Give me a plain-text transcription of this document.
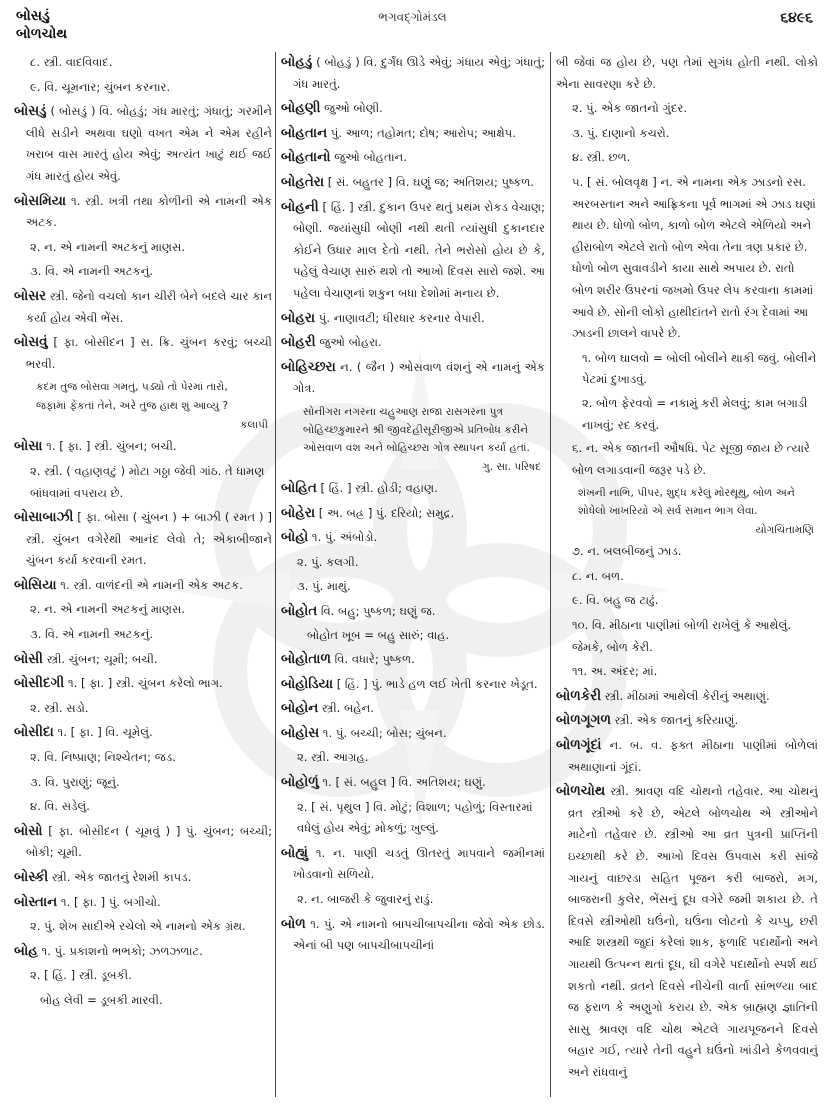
બોસડું
બોળચોથ
ભગવદ્ગોમંડલ	૬૪૯૬
૮. સ્ત્રી. વાદવિવાદ.
૯. વિ. ચૂમનાર; ચુંબન કરનાર.
બોસડું ( બોસડું ) વિ. બોહડું; ગંધ મારતું; ગંધાતું; ગરમીને લીધે સડીને અથવા ઘણો વખત એમ ને એમ રહીને ખરાબ વાસ મારતું હોય એવું; અત્યંત ખાટું થઈ જઈ ગંધ મારતું હોય એવું.
બોસમિયા ૧. સ્ત્રી. ખત્રી તથા કોળીની એ નામની એક અટક.
૨. ન. એ નામની અટકનું માણસ.
૩. વિ. એ નામની અટકનું.
બોસર સ્ત્રી. જેનો વચલો કાન ચીરી બેને બદલે ચાર કાન કર્યા હોય એવી ભેંસ.
બોસવું [ ફા. બોસીદન ] સ. ક્રિ. ચુંબન કરવું; બચ્ચી ભરવી.
કદમ તુજ બોસવા ગમતું, પડ્યો તો પેરમાં તારો,
જફામાં ફેંકતાં તેને, અરે તુજ હાથ શું આવ્યું ?
કલાપી
બોસા ૧. [ ફા. ] સ્ત્રી. ચુંબન; બચી.
૨. સ્ત્રી. ( વહાણવટું ) મોટા ગઠ્ઠા જેવી ગાંઠ. તે ધામણ બાંધવામાં વપરાય છે.
બોસાબાઝી [ ફા. બોસા ( ચુંબન ) + બાઝી ( રમત ) ] સ્ત્રી. ચુંબન વગેરેથી આનંદ લેવો તે; એકાબીજાને ચુંબન કર્યા કરવાની રમત.
બોસિયા ૧. સ્ત્રી. વાળંદની એ નામની એક અટક.
૨. ન. એ નામની અટકનું માણસ.
૩. વિ. એ નામની અટકનું.
બોસી સ્ત્રી. ચુંબન; ચૂમી; બચી.
બોસીદગી ૧. [ ફા. ] સ્ત્રી. ચુંબન કરેલો ભાગ.
૨. સ્ત્રી. સડો.
બોસીદા ૧. [ ફા. ] વિ. ચૂમેલું.
૨. વિ. નિષ્પ્રાણ; નિશ્ચેતન; જડ.
૩. વિ. પુરાણું; જૂનું.
૪. વિ. સડેલું.
બોસો [ ફા. બોસીદન ( ચૂમવું ) ] પું. ચુંબન; બચ્ચી; બોકી; ચૂમી.
બોસ્કી સ્ત્રી. એક જાતનું રેશમી કાપડ.
બોસ્તાન ૧. [ ફા. ] પું. બગીચો.
૨. પું. શેખ સાદીએ રચેલો એ નામનો એક ગ્રંથ.
બોહ ૧. પું. પ્રકાશનો ભભકો; ઝળઝળાટ.
૨. [ હિં. ] સ્ત્રી. ડૂબકી.
બોહ લેવી = ડૂબકી મારવી.
બોહડું ( બોહડું ) વિ. દુર્ગંધ ઊડે એવું; ગંધાય એવું; ગંધાતું; ગંધ મારતું.
બોહણી જુઓ બોણી.
બોહતાન પું. આળ; તહોમત; દોષ; આરોપ; આક્ષેપ.
બોહતાનો જુઓ બોહતાન.
બોહતેરા [ સં. બહુતર ] વિ. ઘણું જ; અતિશય; પુષ્કળ.
બોહની [ હિં. ] સ્ત્રી. દુકાન ઉપર થતું પ્રથમ રોકડ વેચાણ; બોણી. જ્યાંસુધી બોણી નથી થતી ત્યાંસુધી દુકાનદાર કોઈને ઉધાર માલ દેતો નથી. તેને ભરોસો હોય છે કે, પહેલું વેચાણ સારું થશે તો આખો દિવસ સારો જશે. આ પહેલા વેચાણનાં શકુન બધા દેશોમાં મનાય છે.
બોહરા પું. નાણાવટી; ધીરધાર કરનાર વેપારી.
બોહરી જુઓ બોહરા.
બોહિચ્છરા ન. ( જૈન ) ઓસવાળ વંશનું એ નામનું એક ગોત્ર.
સોનીગરા નગરના ચહુઆણ રાજા રાસગરના પુત્ર બોહિચ્છકુમારને શ્રી જીવદેહીસૂરીજીએ પ્રતિબોધ કરીને ઓસવાળ વંશ અને બોહિચ્છરા ગોત્ર સ્થાપન કર્યાં હતાં.
ગુ. સા. પરિષદ
બોહિત [ હિં. ] સ્ત્રી. હોડી; વહાણ.
બોહેરા [ અ. બહ્ર ] પું. દરિયો; સમુદ્ર.
બોહો ૧. પું. અંબોડો.
૨. પું. કલગી.
૩. પું. માથું.
બોહોત વિ. બહુ; પુષ્કળ; ઘણું જ.
બોહોત ખૂબ = બહુ સારું; વાહ.
બોહોતાળ વિ. વધારે; પુષ્કળ.
બોહોડિયા [ હિં. ] પું. ભાડે હળ લઈ ખેતી કરનાર ખેડૂત.
બોહોન સ્ત્રી. બહેન.
બોહોસ ૧. પું. બચ્ચી; બોસ; ચુંબન.
૨. સ્ત્રી. આગ્રહ.
બોહોળું ૧. [ સં. બહુલ ] વિ. અતિશય; ઘણું.
૨. [ સં. પૃથુલ ] વિ. મોટું; વિશાળ; પહોળું; વિસ્તારમાં વધેલું હોય એવું; મોકળું; ખુલ્લું.
બોહ્યું ૧. ન. પાણી ચડતું ઊતરતું માપવાને જમીનમાં ખોડવાનો સળિયો.
૨. ન. બાજરી કે જુવારનું રાડું.
બોળ ૧. પું. એ નામનો બાપચીબાપચીના જેવો એક છોડ. એનાં બી પણ બાપચીબાપચીનાં
બી જેવાં જ હોય છે, પણ તેમાં સુગંધ હોતી નથી. લોકો એના સાવરણા કરે છે.
૨. પું. એક જાતનો ગુંદર.
૩. પું. દાણાનો કચરો.
૪. સ્ત્રી. છળ.
૫. [ સં. બોલવૃક્ષ ] ન. એ નામના એક ઝાડનો રસ. અરબસ્તાન અને આફ્રિકના પૂર્વ ભાગમાં એ ઝાડ ઘણાં થાય છે. ધોળો બોળ, કાળો બોળ એટલે એળિયો અને હીરાબોળ એટલે રાતો બોળ એવા તેના ત્રણ પ્રકાર છે. ધોળો બોળ સુવાવડીને કાયા સાથે અપાય છે. રાતો બોળ શરીર ઉપરનાં જખમો ઉપર લેપ કરવાના કામમાં આવે છે. સોની લોકો હાથીદાંતને રાતો રંગ દેવામાં આ ઝાડની છાલને વાપરે છે.
૧. બોળ ઘાલવો = બોલી બોલીને થાકી જવું. બોલીને પેટમાં દુખાડવું.
૨. બોળ ફેરવવો = નકામું કરી મેલવું; કામ બગાડી નાખવું; રદ કરવું.
૬. ન. એક જાતની ઔષધિ. પેટ સૂજી જાય છે ત્યારે બોળ લગાડવાની જરૂર પડે છે.
શંખની નાભિ, પીપર, શુદ્ધ કરેલું મોરથૂથુ, બોળ અને શોધેલો ખાખરિયો એ સર્વ સમાન ભાગ લેવા.
યોગચિંતામણિ
૭. ન. બલબીજનું ઝાડ.
૮. ન. બળ.
૯. વિ. બહુ જ ટાઢું.
૧૦. વિ. મીઠાના પાણીમાં બોળી રાખેલું કે આથેલું. જેમકે, બોળ કેરી.
૧૧. અ. અંદર; માં.
બોળકેરી સ્ત્રી. મીઠામાં આથેલી કેરીનું અથાણું.
બોળગૂગળ સ્ત્રી. એક જાતનું કરિયાણું.
બોળગૂંદાં ન. બ. વ. ફક્ત મીઠાના પાણીમાં બોળેલાં અથાણાનાં ગૂંદાં.
બોળચોથ સ્ત્રી. શ્રાવણ વદિ ચોથનો તહેવાર. આ ચોથનું વ્રત સ્ત્રીઓ કરે છે, એટલે બોળચોથ એ સ્ત્રીઓને માટેનો તહેવાર છે. સ્ત્રીઓ આ વ્રત પુત્રની પ્રાપ્તિની ઇચ્છાથી કરે છે. આખો દિવસ ઉપવાસ કરી સાંજે ગાયનું વાછરડા સહિત પૂજન કરી બાજરો, મગ, બાજરાની કુલેર, ભેંસનું દૂધ વગેરે જમી શકાય છે. તે દિવસે સ્ત્રીઓથી ઘઉંનો, ઘઉંના લોટનો કે ચપ્પુ, છરી આદિ શસ્ત્રથી જુદાં કરેલાં શાક, ફળાદિ પદાર્થોનો અને ગાયથી ઉત્પન્ન થતાં દૂધ, ઘી વગેરે પદાર્થોનો સ્પર્શ થઈ શકતો નથી. વ્રતને દિવસે નીચેની વાર્તા સાંભળ્યા બાદ જ ફરાળ કે અણુગો કરાય છે. એક બ્રાહ્મણ જ્ઞાતિની સાસુ શ્રાવણ વદિ ચોથ એટલે ગાયપૂજનને દિવસે બહાર ગઈ, ત્યારે તેની વહુને ઘઉંનો ખાંડીને કેળવવાનું અને રાંધવાનું
